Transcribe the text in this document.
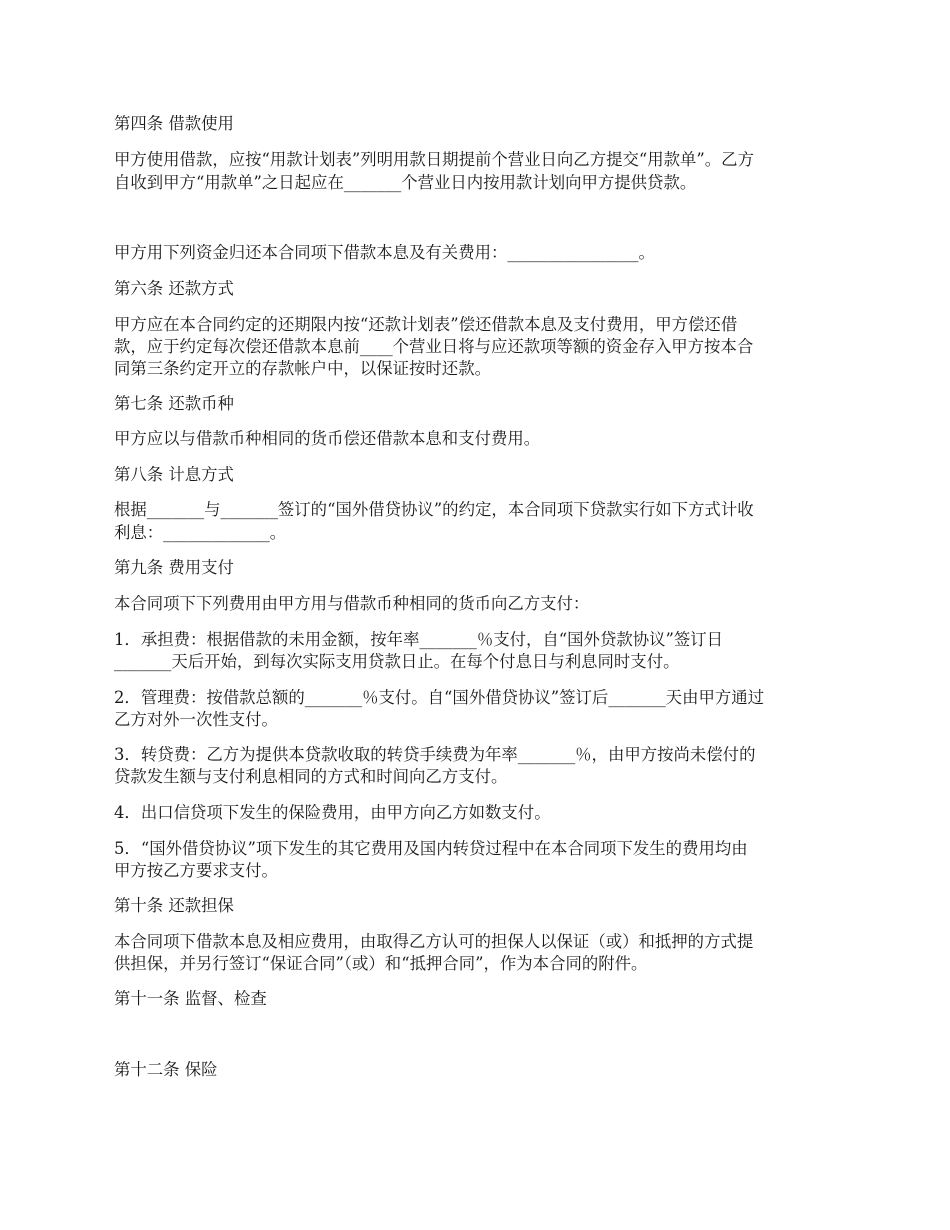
第四条 借款使用
甲方使用借款，应按“用款计划表”列明用款日期提前个营业日向乙方提交“用款单”。乙方
自收到甲方“用款单”之日起应在_______个营业日内按用款计划向甲方提供贷款。
甲方用下列资金归还本合同项下借款本息及有关费用：________________。
第六条 还款方式
甲方应在本合同约定的还期限内按“还款计划表”偿还借款本息及支付费用，甲方偿还借
款，应于约定每次偿还借款本息前____个营业日将与应还款项等额的资金存入甲方按本合
同第三条约定开立的存款帐户中，以保证按时还款。
第七条 还款币种
甲方应以与借款币种相同的货币偿还借款本息和支付费用。
第八条 计息方式
根据_______与_______签订的“国外借贷协议”的约定，本合同项下贷款实行如下方式计收
利息：_____________。
第九条 费用支付
本合同项下下列费用由甲方用与借款币种相同的货币向乙方支付：
1．承担费：根据借款的未用金额，按年率_______％支付，自“国外贷款协议”签订日
_______天后开始，到每次实际支用贷款日止。在每个付息日与利息同时支付。
2．管理费：按借款总额的_______％支付。自“国外借贷协议”签订后_______天由甲方通过
乙方对外一次性支付。
3．转贷费：乙方为提供本贷款收取的转贷手续费为年率_______％，由甲方按尚未偿付的
贷款发生额与支付利息相同的方式和时间向乙方支付。
4．出口信贷项下发生的保险费用，由甲方向乙方如数支付。
5．“国外借贷协议”项下发生的其它费用及国内转贷过程中在本合同项下发生的费用均由
甲方按乙方要求支付。
第十条 还款担保
本合同项下借款本息及相应费用，由取得乙方认可的担保人以保证（或）和抵押的方式提
供担保，并另行签订“保证合同”（或）和“抵押合同”，作为本合同的附件。
第十一条 监督、检查
第十二条 保险
